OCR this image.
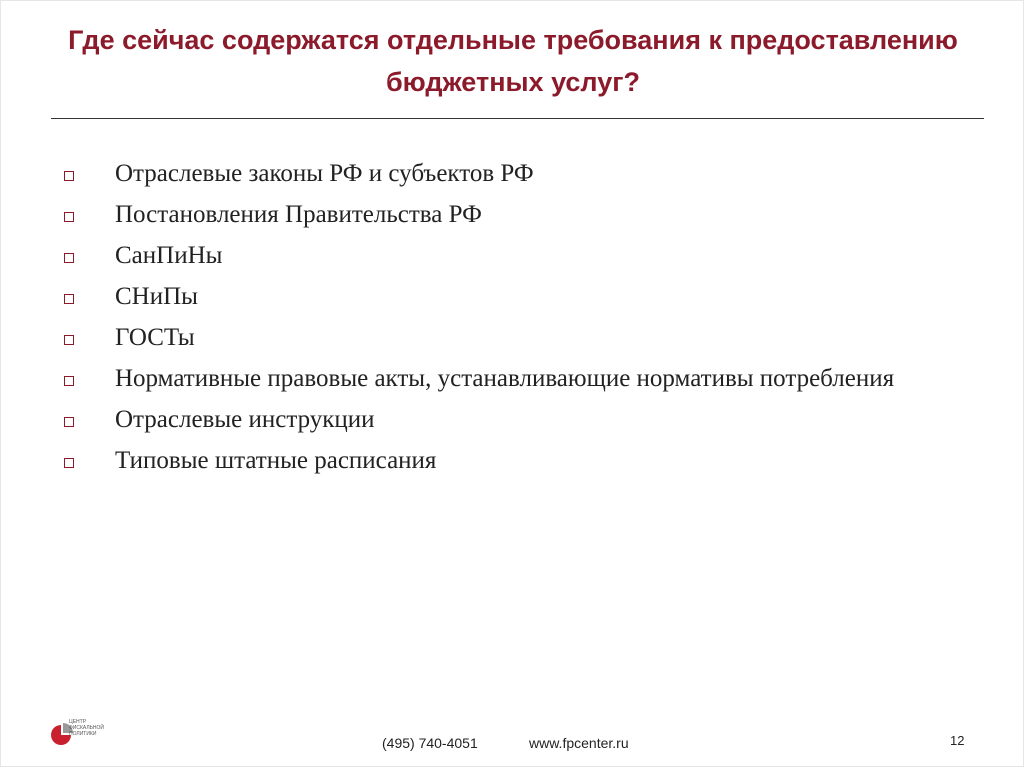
Где сейчас содержатся отдельные требования к предоставлению бюджетных услуг?
Отраслевые законы РФ и субъектов РФ
Постановления Правительства РФ
СанПиНы
СНиПы
ГОСТы
Нормативные правовые акты, устанавливающие нормативы потребления
Отраслевые инструкции
Типовые штатные расписания
ЦЕНТР ФИСКАЛЬНОЙ ПОЛИТИКИ
(495) 740-4051	www.fpcenter.ru	12
